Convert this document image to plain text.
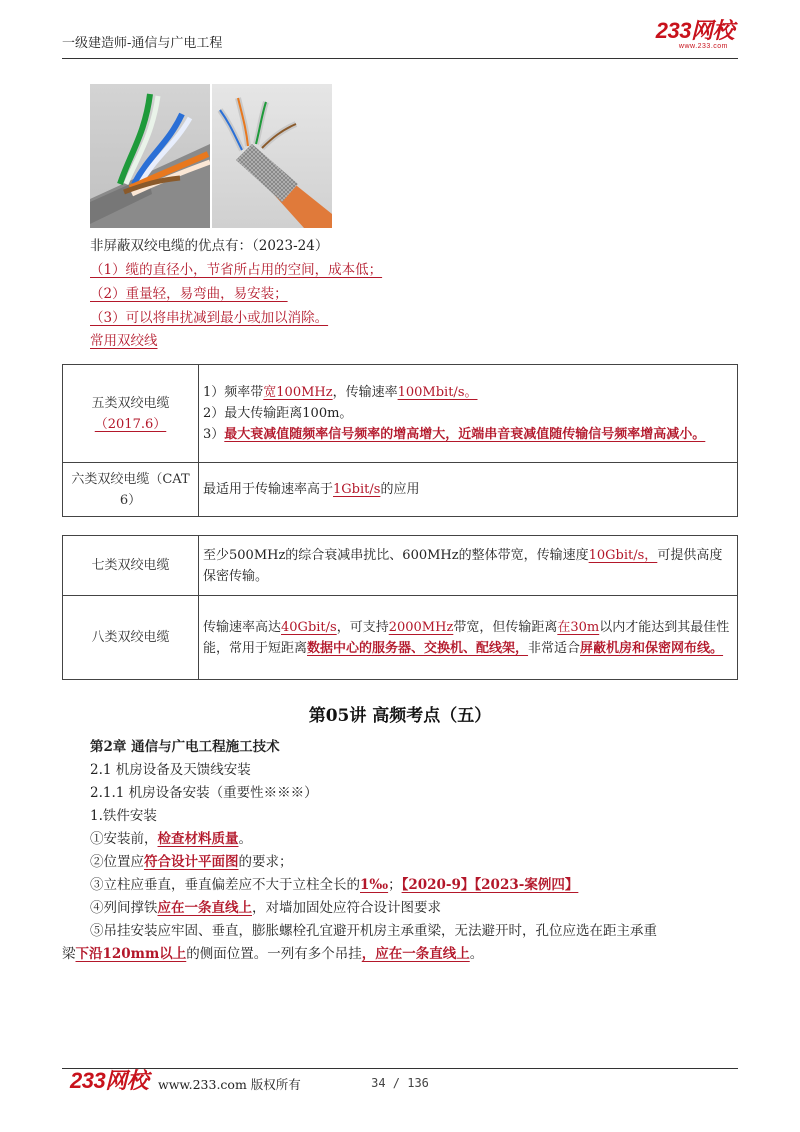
一级建造师-通信与广电工程
233网校
www.233.com
非屏蔽双绞电缆的优点有：（2023-24）
（1）缆的直径小，节省所占用的空间，成本低；
（2）重量轻，易弯曲，易安装；
（3）可以将串扰减到最小或加以消除。
常用双绞线
五类双绞电缆（2017.6）	1）频率带宽100MHz，传输速率100Mbit/s。
2）最大传输距离100m。
3）最大衰减值随频率信号频率的增高增大，近端串音衰减值随传输信号频率增高减小。

六类双绞电缆（CAT 6）	最适用于传输速率高于1Gbit/s的应用
七类双绞电缆	至少500MHz的综合衰减串扰比、600MHz的整体带宽，传输速度10Gbit/s，可提供高度保密传输。
八类双绞电缆	传输速率高达40Gbit/s，可支持2000MHz带宽，但传输距离在30m以内才能达到其最佳性能，常用于短距离数据中心的服务器、交换机、配线架，非常适合屏蔽机房和保密网布线。
第05讲 高频考点（五）
第2章 通信与广电工程施工技术
2.1 机房设备及天馈线安装
2.1.1 机房设备安装（重要性※※※）
1.铁件安装
①安装前，检查材料质量。
②位置应符合设计平面图的要求；
③立柱应垂直，垂直偏差应不大于立柱全长的1‰；【2020-9】【2023-案例四】
④列间撑铁应在一条直线上，对墙加固处应符合设计图要求
⑤吊挂安装应牢固、垂直，膨胀螺栓孔宜避开机房主承重梁，无法避开时，孔位应选在距主承重
梁下沿120mm以上的侧面位置。一列有多个吊挂，应在一条直线上。
233网校 www.233.com 版权所有	34 / 136
